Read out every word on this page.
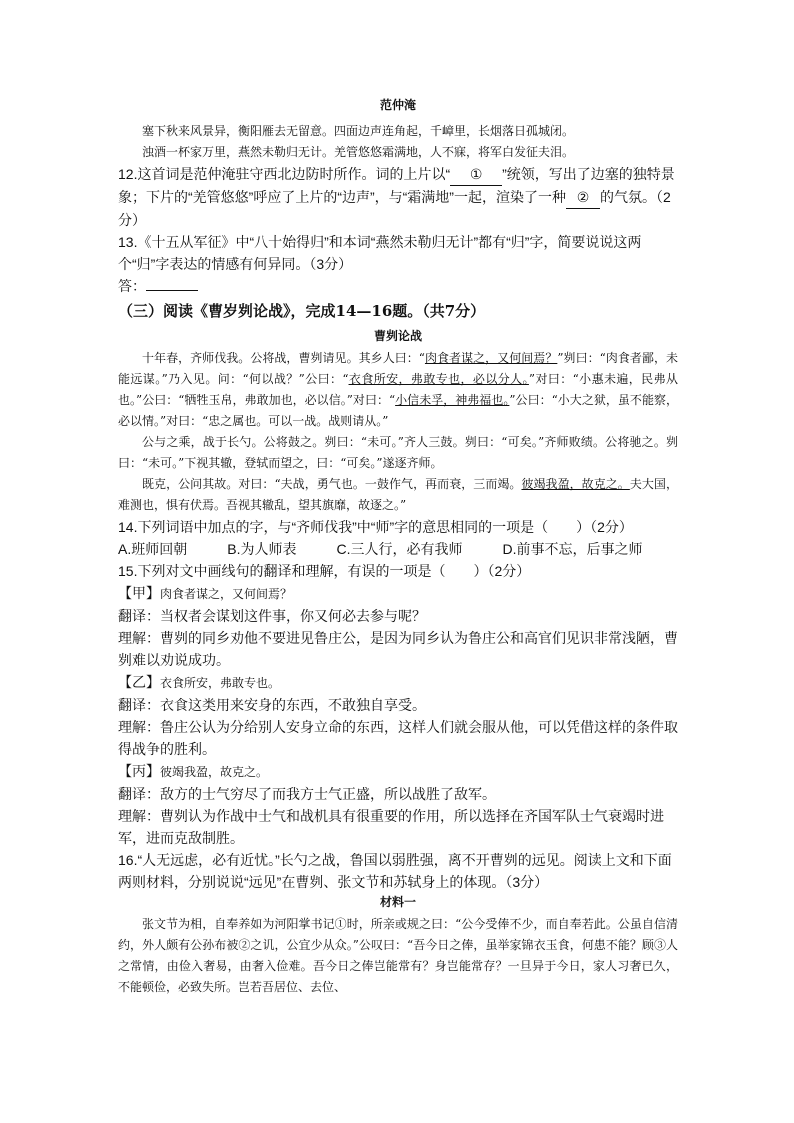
范仲淹

塞下秋来风景异，衡阳雁去无留意。四面边声连角起，千嶂里，长烟落日孤城闭。

浊酒一杯家万里，燕然未勒归无计。羌管悠悠霜满地，人不寐，将军白发征夫泪。

12.这首词是范仲淹驻守西北边防时所作。词的上片以“ ① ”统领，写出了边塞的独特景象；下片的“羌管悠悠”呼应了上片的“边声”，与“霜满地”一起，渲染了一种 ② 的气氛。（2分）

13.《十五从军征》中“八十始得归”和本词“燕然未勒归无计”都有“归”字，简要说说这两个“归”字表达的情感有何异同。（3分）

答：

（三）阅读《曹岁刿论战》，完成14—16题。（共7分）
曹刿论战

十年春，齐师伐我。公将战，曹刿请见。其乡人曰：“肉食者谋之，又何间焉？”刿曰：“肉食者鄙，未能远谋。”乃入见。问：“何以战？”公曰：“衣食所安，弗敢专也，必以分人。”对曰：“小惠未遍，民弗从也。”公曰：“牺牲玉帛，弗敢加也，必以信。”对曰：“小信未孚，神弗福也。”公曰：“小大之狱，虽不能察，必以情。”对曰：“忠之属也。可以一战。战则请从。”

公与之乘，战于长勺。公将鼓之。刿曰：“未可。”齐人三鼓。刿曰：“可矣。”齐师败绩。公将驰之。刿曰：“未可。”下视其辙，登轼而望之，曰：“可矣。”遂逐齐师。

既克，公问其故。对曰：“夫战，勇气也。一鼓作气，再而衰，三而竭。彼竭我盈，故克之。夫大国，难测也，惧有伏焉。吾视其辙乱，望其旗靡，故逐之。”

14.下列词语中加点的字，与“齐师伐我”中“师”字的意思相同的一项是（　　）（2分）

A.班师回朝	B.为人师表	C.三人行，必有我师	D.前事不忘，后事之师

15.下列对文中画线句的翻译和理解，有误的一项是（　　）（2分）

【甲】肉食者谋之，又何间焉？

翻译：当权者会谋划这件事，你又何必去参与呢？

理解：曹刿的同乡劝他不要进见鲁庄公，是因为同乡认为鲁庄公和高官们见识非常浅陋，曹刿难以劝说成功。

【乙】衣食所安，弗敢专也。

翻译：衣食这类用来安身的东西，不敢独自享受。

理解：鲁庄公认为分给别人安身立命的东西，这样人们就会服从他，可以凭借这样的条件取得战争的胜利。

【丙】彼竭我盈，故克之。

翻译：敌方的士气穷尽了而我方士气正盛，所以战胜了敌军。

理解：曹刿认为作战中士气和战机具有很重要的作用，所以选择在齐国军队士气衰竭时进军，进而克敌制胜。

16.“人无远虑，必有近忧。”长勺之战，鲁国以弱胜强，离不开曹刿的远见。阅读上文和下面两则材料，分别说说“远见”在曹刿、张文节和苏轼身上的体现。（3分）

材料一

张文节为相，自奉养如为河阳掌书记①时，所亲或规之曰：“公今受俸不少，而自奉若此。公虽自信清约，外人颇有公孙布被②之讥，公宜少从众。”公叹曰：“吾今日之俸，虽举家锦衣玉食，何患不能？顾③人之常情，由俭入奢易，由奢入俭难。吾今日之俸岂能常有？身岂能常存？一旦异于今日，家人习奢已久，不能顿俭，必致失所。岂若吾居位、去位、
